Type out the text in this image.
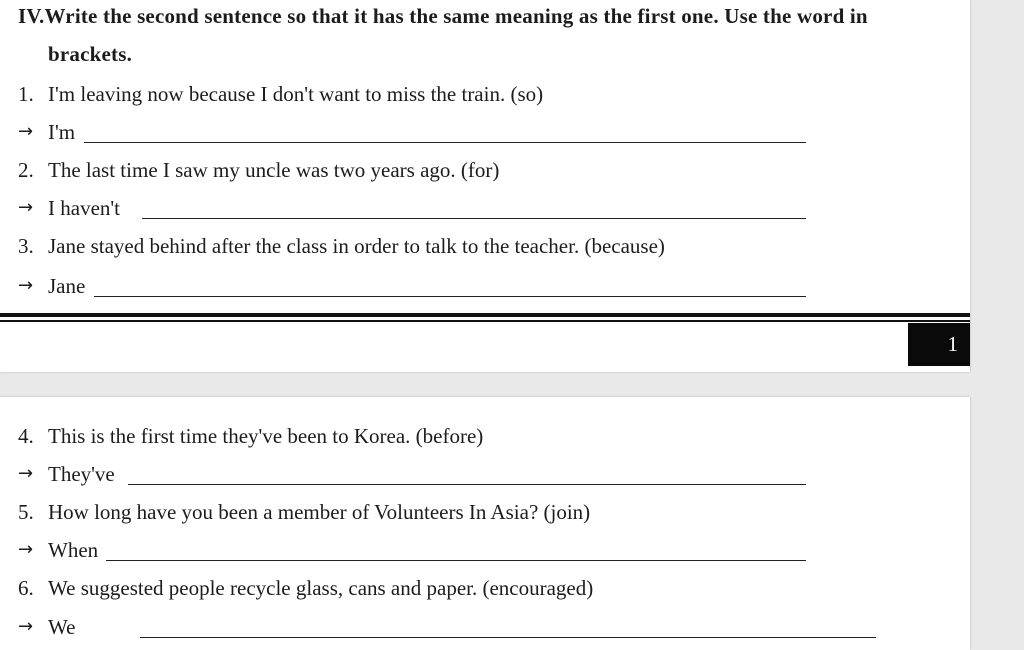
IV.Write the second sentence so that it has the same meaning as the first one. Use the word in
brackets.
1. I'm leaving now because I don't want to miss the train. (so)
→ I'm
2. The last time I saw my uncle was two years ago. (for)
→ I haven't
3. Jane stayed behind after the class in order to talk to the teacher. (because)
→ Jane
1
4. This is the first time they've been to Korea. (before)
→ They've
5. How long have you been a member of Volunteers In Asia? (join)
→ When
6. We suggested people recycle glass, cans and paper. (encouraged)
→ We
